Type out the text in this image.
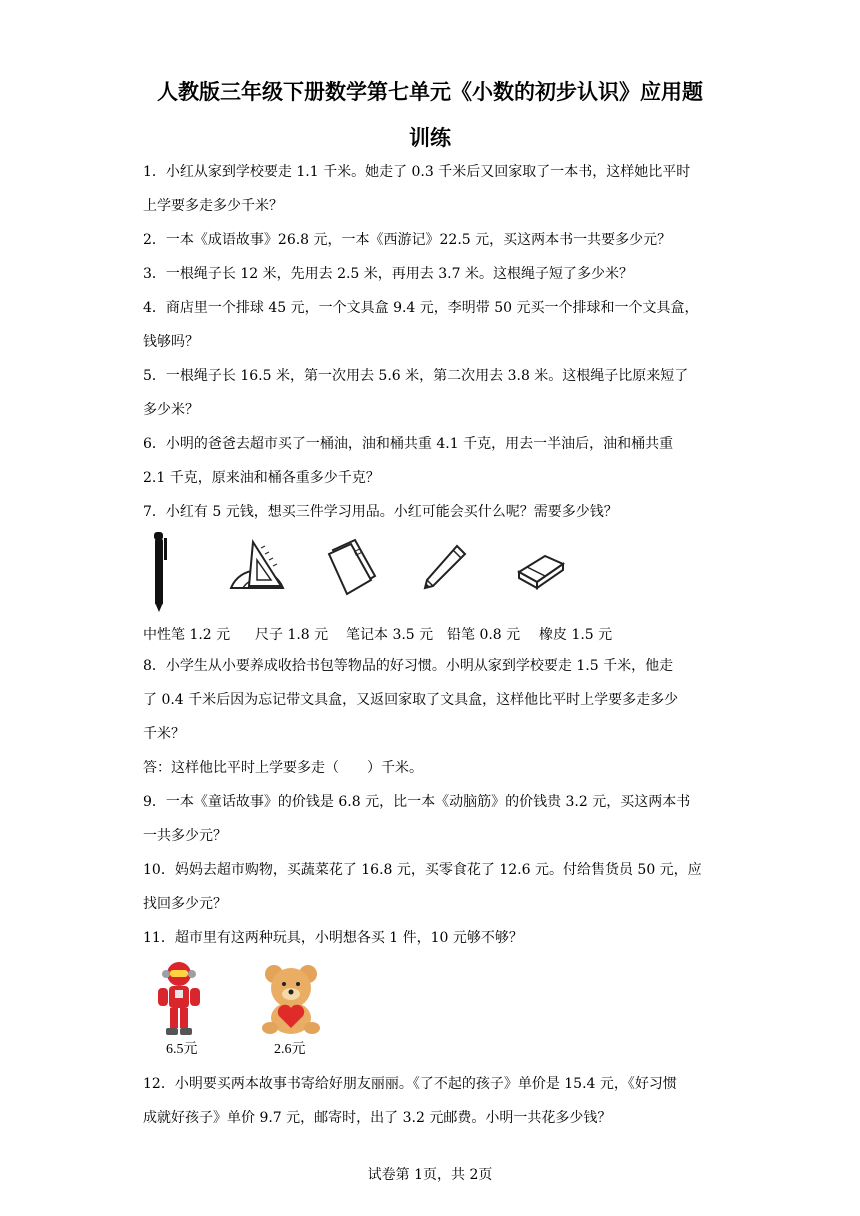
人教版三年级下册数学第七单元《小数的初步认识》应用题
训练
1．小红从家到学校要走 1.1 千米。她走了 0.3 千米后又回家取了一本书，这样她比平时
上学要多走多少千米？
2．一本《成语故事》26.8 元，一本《西游记》22.5 元，买这两本书一共要多少元？
3．一根绳子长 12 米，先用去 2.5 米，再用去 3.7 米。这根绳子短了多少米？
4．商店里一个排球 45 元，一个文具盒 9.4 元，李明带 50 元买一个排球和一个文具盒，
钱够吗？
5．一根绳子长 16.5 米，第一次用去 5.6 米，第二次用去 3.8 米。这根绳子比原来短了
多少米？
6．小明的爸爸去超市买了一桶油，油和桶共重 4.1 千克，用去一半油后，油和桶共重
2.1 千克，原来油和桶各重多少千克？
7．小红有 5 元钱，想买三件学习用品。小红可能会买什么呢？需要多少钱？
中性笔 1.2 元 尺子 1.8 元 笔记本 3.5 元 铅笔 0.8 元 橡皮 1.5 元
8．小学生从小要养成收拾书包等物品的好习惯。小明从家到学校要走 1.5 千米，他走
了 0.4 千米后因为忘记带文具盒，又返回家取了文具盒，这样他比平时上学要多走多少
千米？
答：这样他比平时上学要多走（　　）千米。
9．一本《童话故事》的价钱是 6.8 元，比一本《动脑筋》的价钱贵 3.2 元，买这两本书
一共多少元？
10．妈妈去超市购物，买蔬菜花了 16.8 元，买零食花了 12.6 元。付给售货员 50 元，应
找回多少元？
11．超市里有这两种玩具，小明想各买 1 件，10 元够不够？
6.5元	2.6元
12．小明要买两本故事书寄给好朋友丽丽。《了不起的孩子》单价是 15.4 元，《好习惯
成就好孩子》单价 9.7 元，邮寄时，出了 3.2 元邮费。小明一共花多少钱？
试卷第 1页，共 2页
